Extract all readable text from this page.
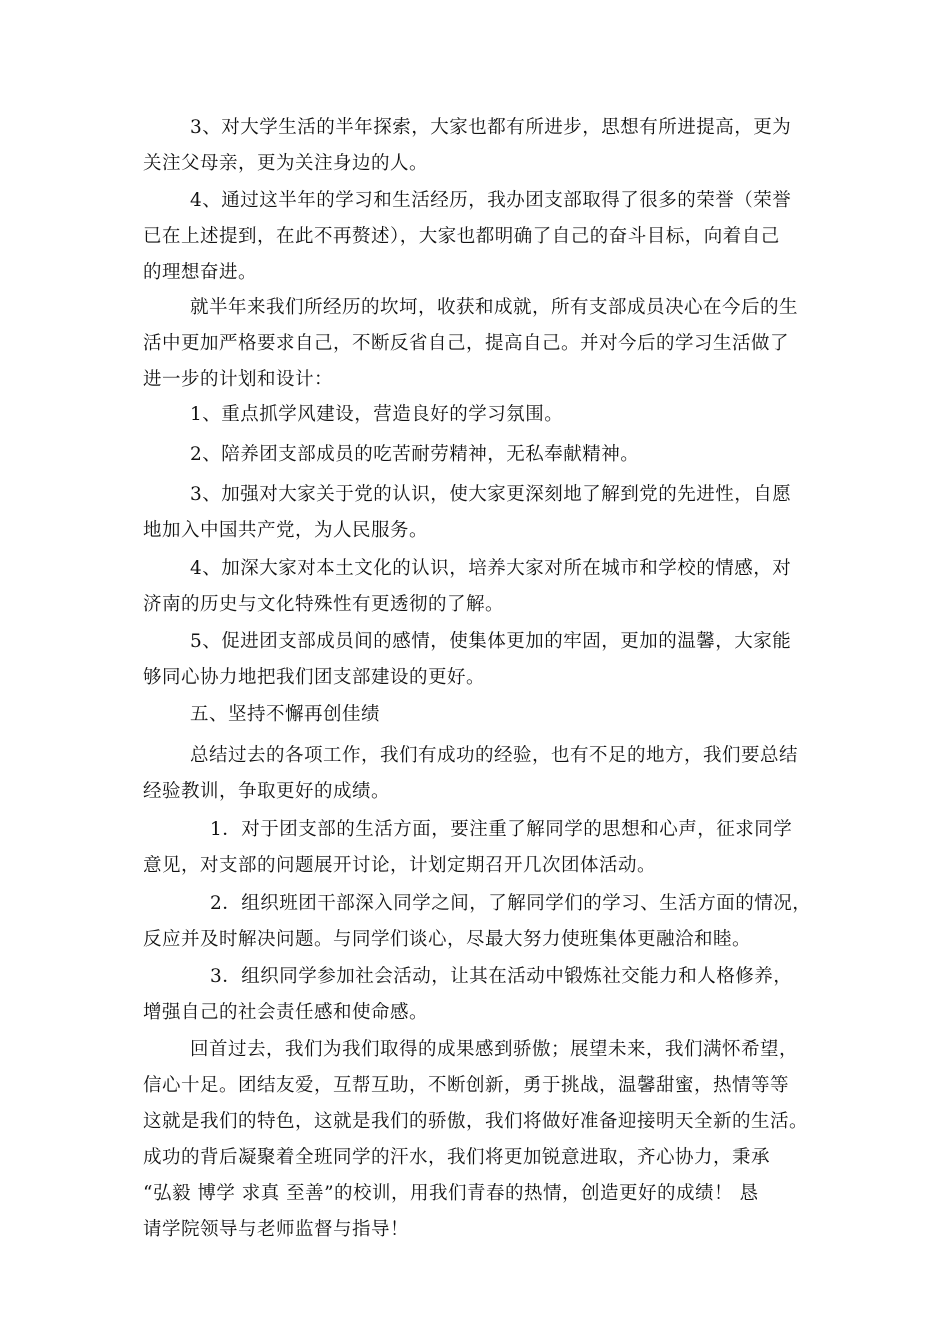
3、对大学生活的半年探索，大家也都有所进步，思想有所进提高，更为
关注父母亲，更为关注身边的人。
4、通过这半年的学习和生活经历，我办团支部取得了很多的荣誉（荣誉
已在上述提到，在此不再赘述），大家也都明确了自己的奋斗目标，向着自己
的理想奋进。
就半年来我们所经历的坎坷，收获和成就，所有支部成员决心在今后的生
活中更加严格要求自己，不断反省自己，提高自己。并对今后的学习生活做了
进一步的计划和设计：
1、重点抓学风建设，营造良好的学习氛围。
2、陪养团支部成员的吃苦耐劳精神，无私奉献精神。
3、加强对大家关于党的认识，使大家更深刻地了解到党的先进性，自愿
地加入中国共产党，为人民服务。
4、加深大家对本土文化的认识，培养大家对所在城市和学校的情感，对
济南的历史与文化特殊性有更透彻的了解。
5、促进团支部成员间的感情，使集体更加的牢固，更加的温馨，大家能
够同心协力地把我们团支部建设的更好。
五、坚持不懈再创佳绩
总结过去的各项工作，我们有成功的经验，也有不足的地方，我们要总结
经验教训，争取更好的成绩。
1．对于团支部的生活方面，要注重了解同学的思想和心声，征求同学
意见，对支部的问题展开讨论，计划定期召开几次团体活动。
2．组织班团干部深入同学之间，了解同学们的学习、生活方面的情况，
反应并及时解决问题。与同学们谈心，尽最大努力使班集体更融洽和睦。
3．组织同学参加社会活动，让其在活动中锻炼社交能力和人格修养，
增强自己的社会责任感和使命感。
回首过去，我们为我们取得的成果感到骄傲；展望未来，我们满怀希望，
信心十足。团结友爱，互帮互助，不断创新，勇于挑战，温馨甜蜜，热情等等
这就是我们的特色，这就是我们的骄傲，我们将做好准备迎接明天全新的生活。
成功的背后凝聚着全班同学的汗水，我们将更加锐意进取，齐心协力，秉承
“弘毅 博学 求真 至善”的校训，用我们青春的热情，创造更好的成绩！ 恳
请学院领导与老师监督与指导！
